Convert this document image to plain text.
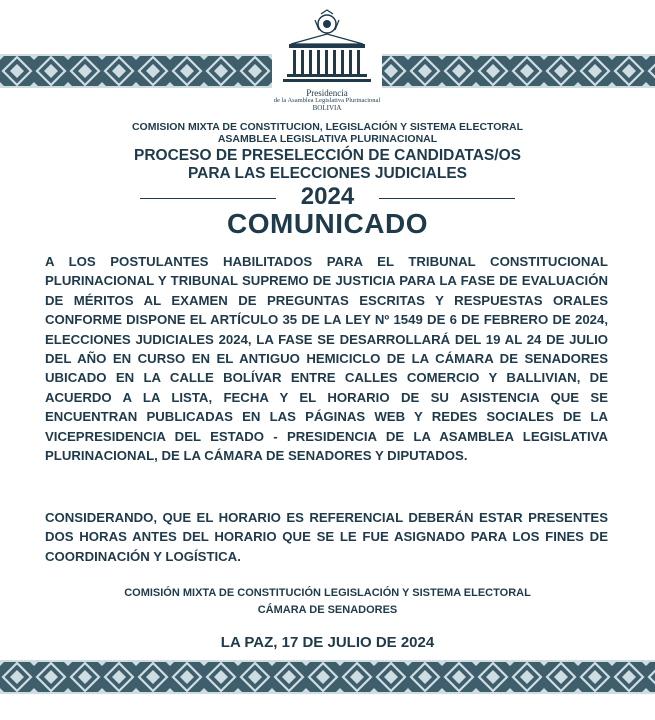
Presidencia
de la Asamblea Legislativa Plurinacional
BOLIVIA
COMISION MIXTA DE CONSTITUCION, LEGISLACIÓN Y SISTEMA ELECTORAL
ASAMBLEA LEGISLATIVA PLURINACIONAL
PROCESO DE PRESELECCIÓN DE CANDIDATAS/OS
PARA LAS ELECCIONES JUDICIALES
2024
COMUNICADO
A LOS POSTULANTES HABILITADOS PARA EL TRIBUNAL CONSTITUCIONAL PLURINACIONAL Y TRIBUNAL SUPREMO DE JUSTICIA PARA LA FASE DE EVALUACIÓN DE MÉRITOS AL EXAMEN DE PREGUNTAS ESCRITAS Y RESPUESTAS ORALES CONFORME DISPONE EL ARTÍCULO 35 DE LA LEY Nº 1549 DE 6 DE FEBRERO DE 2024, ELECCIONES JUDICIALES 2024, LA FASE SE DESARROLLARÁ DEL 19 AL 24 DE JULIO DEL AÑO EN CURSO EN EL ANTIGUO HEMICICLO DE LA CÁMARA DE SENADORES UBICADO EN LA CALLE BOLÍVAR ENTRE CALLES COMERCIO Y BALLIVIAN, DE ACUERDO A LA LISTA, FECHA Y EL HORARIO DE SU ASISTENCIA QUE SE ENCUENTRAN PUBLICADAS EN LAS PÁGINAS WEB Y REDES SOCIALES DE LA VICEPRESIDENCIA DEL ESTADO - PRESIDENCIA DE LA ASAMBLEA LEGISLATIVA PLURINACIONAL, DE LA CÁMARA DE SENADORES Y DIPUTADOS.
CONSIDERANDO, QUE EL HORARIO ES REFERENCIAL DEBERÁN ESTAR PRESENTES DOS HORAS ANTES DEL HORARIO QUE SE LE FUE ASIGNADO PARA LOS FINES DE COORDINACIÓN Y LOGÍSTICA.
COMISIÓN MIXTA DE CONSTITUCIÓN LEGISLACIÓN Y SISTEMA ELECTORAL
CÁMARA DE SENADORES
LA PAZ, 17 DE JULIO DE 2024
